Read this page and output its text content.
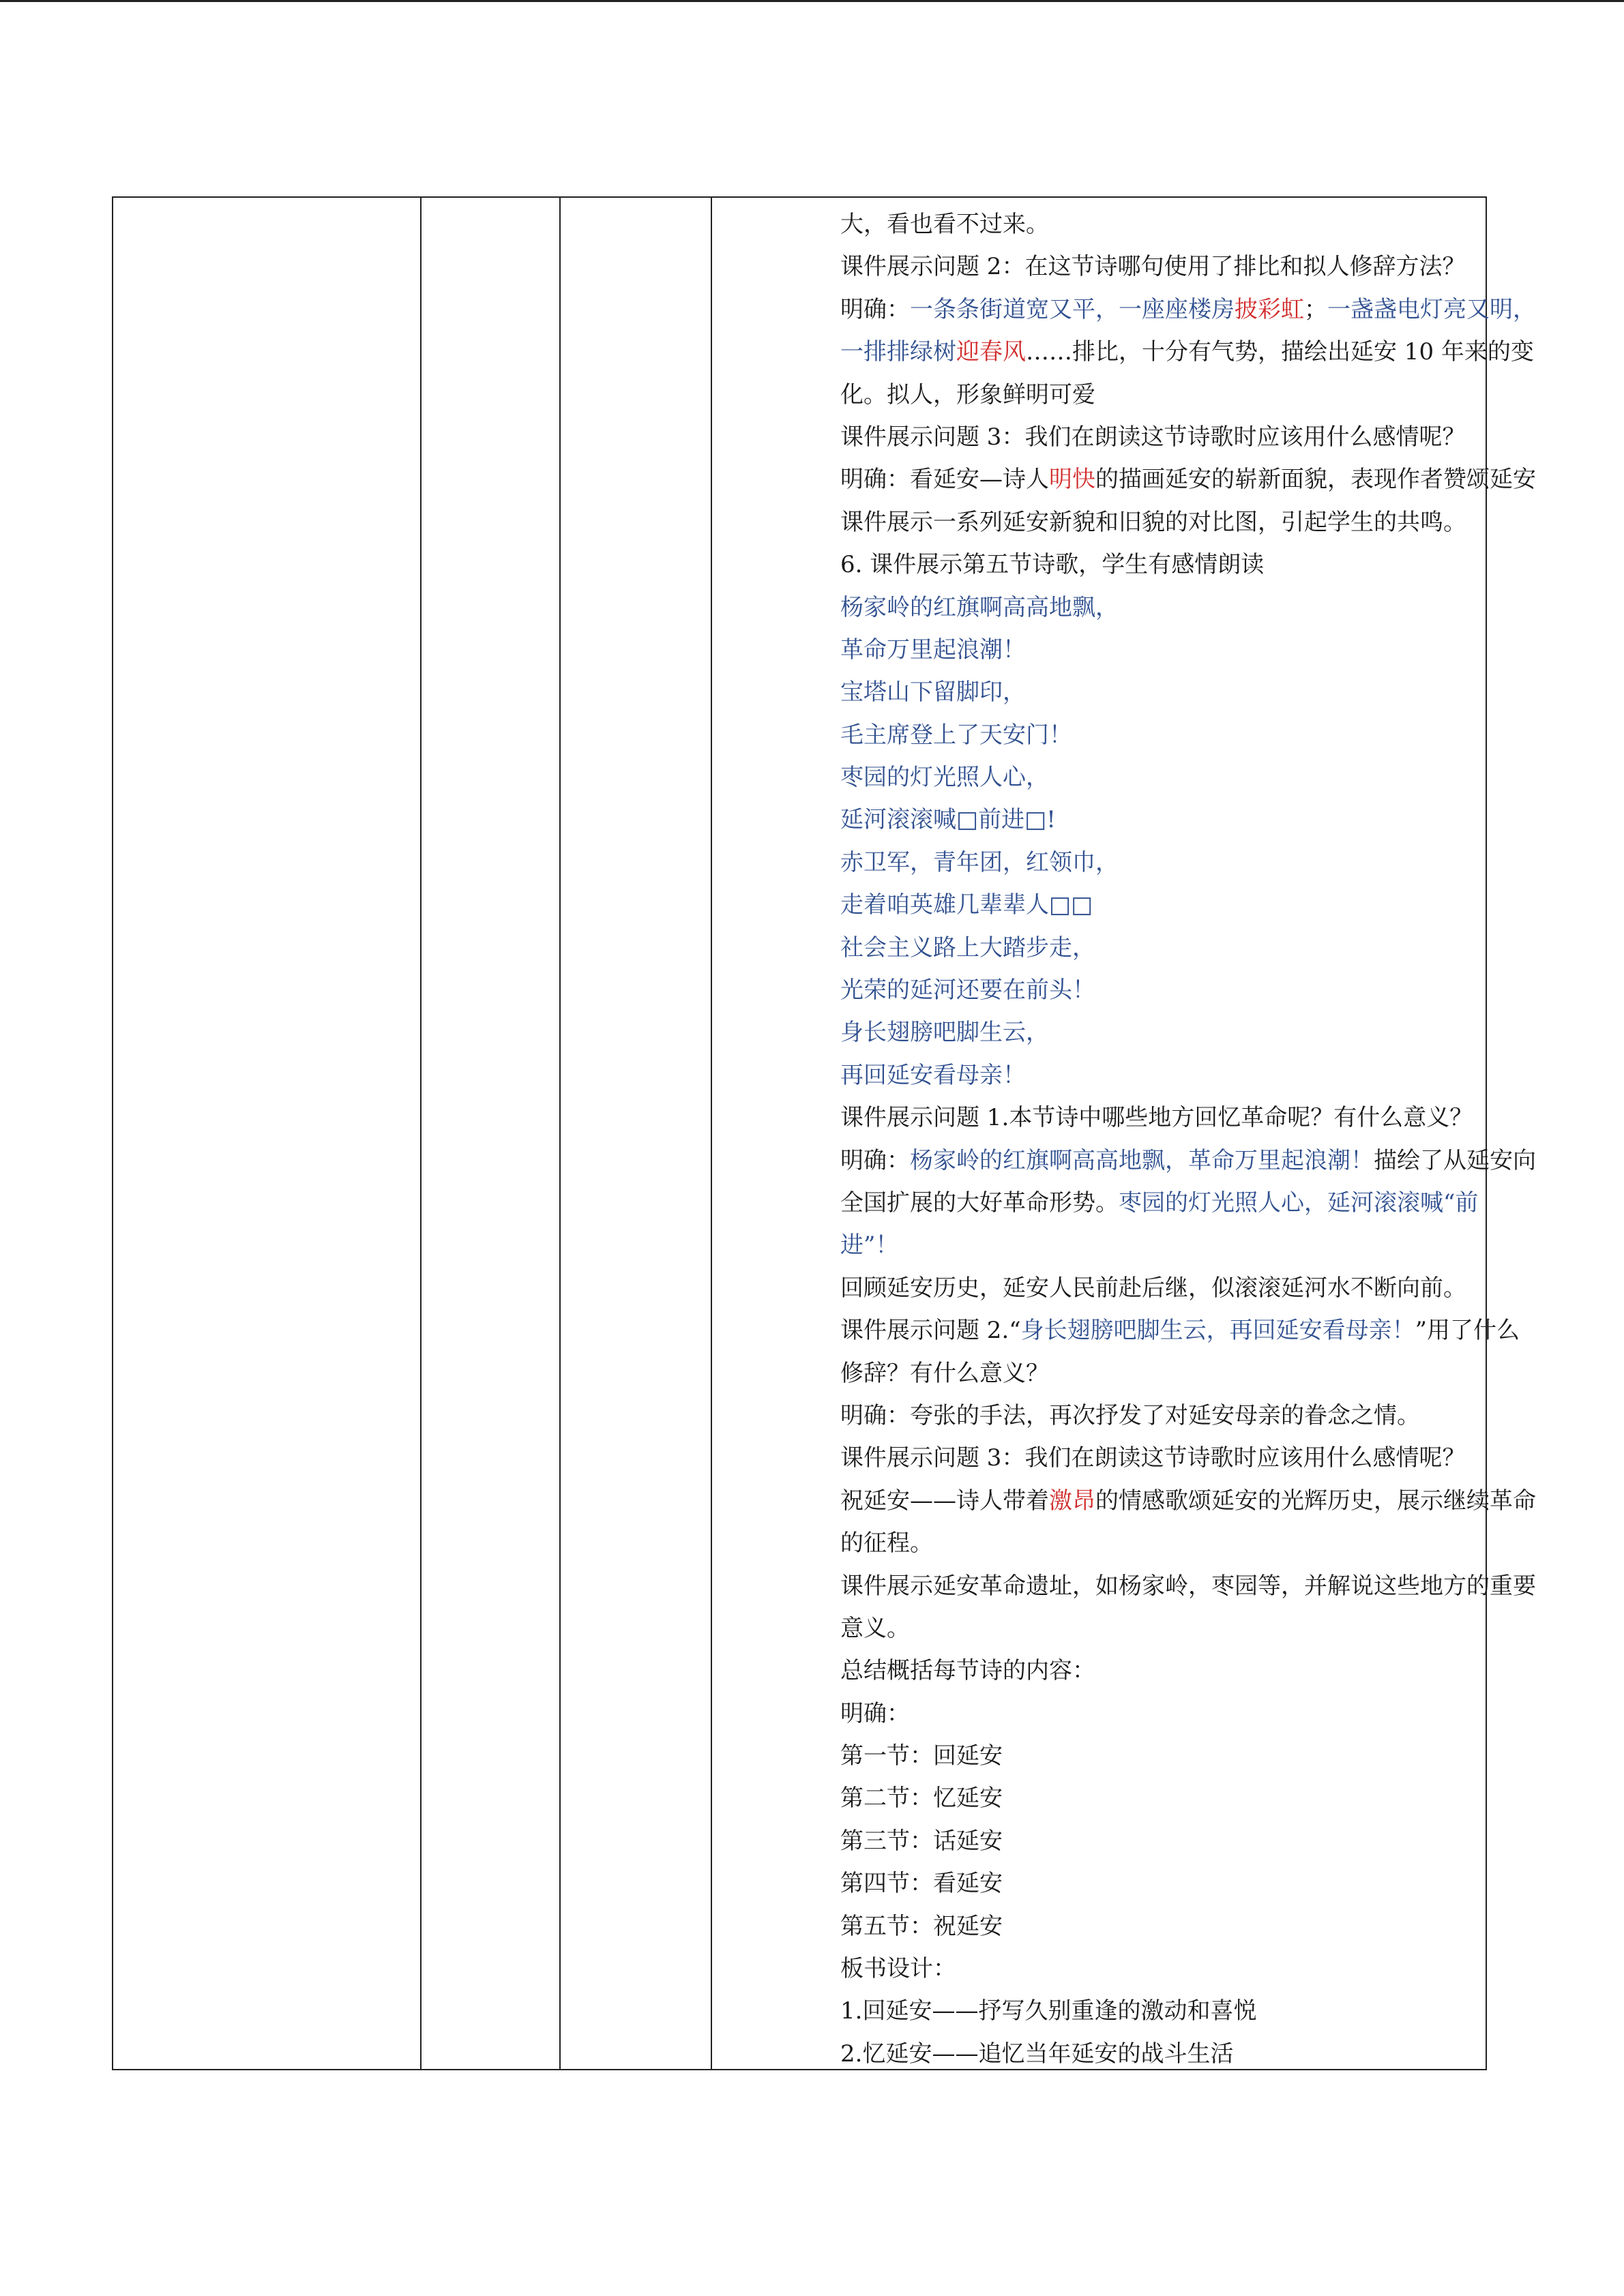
大，看也看不过来。
课件展示问题 2：在这节诗哪句使用了排比和拟人修辞方法？
明确：一条条街道宽又平，一座座楼房披彩虹；一盏盏电灯亮又明，
一排排绿树迎春风……排比，十分有气势，描绘出延安 10 年来的变
化。拟人，形象鲜明可爱
课件展示问题 3：我们在朗读这节诗歌时应该用什么感情呢？
明确：看延安—诗人明快的描画延安的崭新面貌，表现作者赞颂延安
课件展示一系列延安新貌和旧貌的对比图，引起学生的共鸣。
6. 课件展示第五节诗歌，学生有感情朗读
杨家岭的红旗啊高高地飘，
革命万里起浪潮！
宝塔山下留脚印，
毛主席登上了天安门！
枣园的灯光照人心，
延河滚滚喊□前进□!
赤卫军，青年团，红领巾，
走着咱英雄几辈辈人□□
社会主义路上大踏步走，
光荣的延河还要在前头！
身长翅膀吧脚生云，
再回延安看母亲！
课件展示问题 1.本节诗中哪些地方回忆革命呢？有什么意义？
明确：杨家岭的红旗啊高高地飘，革命万里起浪潮！描绘了从延安向
全国扩展的大好革命形势。枣园的灯光照人心，延河滚滚喊“前
进”！
回顾延安历史，延安人民前赴后继，似滚滚延河水不断向前。
课件展示问题 2.“身长翅膀吧脚生云，再回延安看母亲！”用了什么
修辞？有什么意义？
明确：夸张的手法，再次抒发了对延安母亲的眷念之情。
课件展示问题 3：我们在朗读这节诗歌时应该用什么感情呢？
祝延安——诗人带着激昂的情感歌颂延安的光辉历史，展示继续革命
的征程。
课件展示延安革命遗址，如杨家岭，枣园等，并解说这些地方的重要
意义。
总结概括每节诗的内容：
明确：
第一节：回延安
第二节：忆延安
第三节：话延安
第四节：看延安
第五节：祝延安
板书设计：
1.回延安——抒写久别重逢的激动和喜悦
2.忆延安——追忆当年延安的战斗生活
